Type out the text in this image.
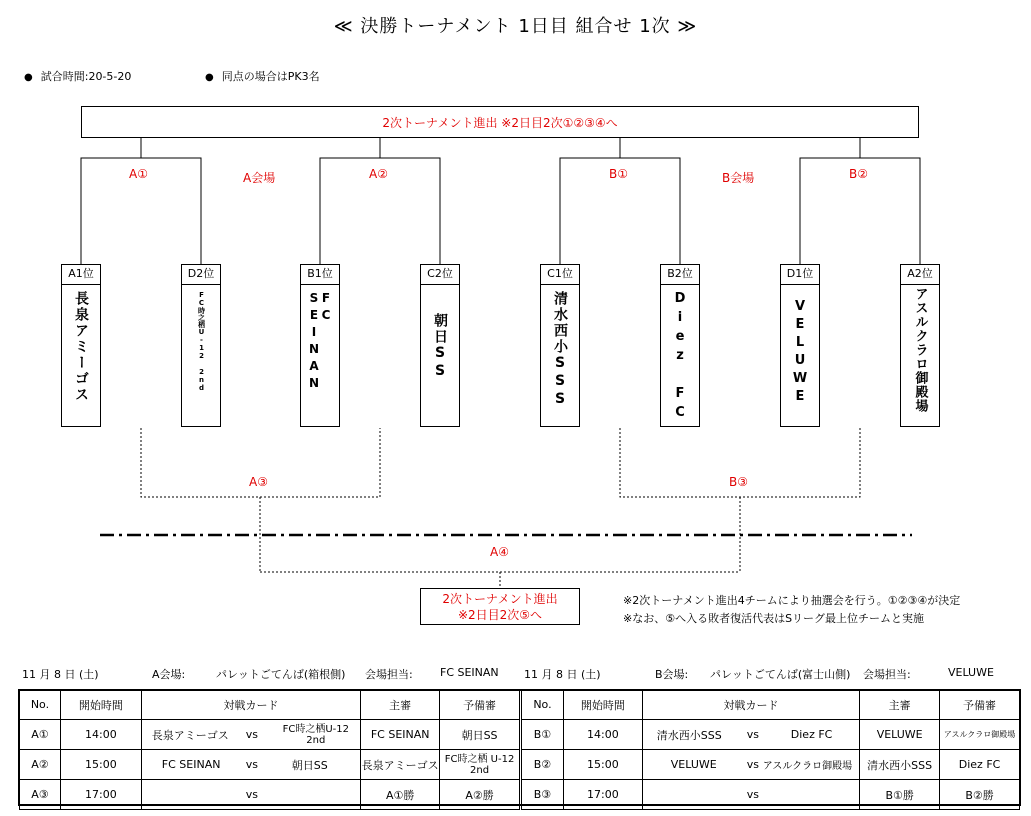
≪ 決勝トーナメント 1日目 組合せ 1次 ≫
● 試合時間:20-5-20	● 同点の場合はPK3名
2次トーナメント進出 ※2日目2次①②③④へ
A①	A会場	A②	B①	B会場	B②
A③	B③
A④
A1位
長泉アミーゴス
D2位
FC時之栖U-12 2nd
B1位
FC SEINAN
C2位
朝日SS
C1位
清水西小SSS
B2位
Diez FC
D1位
VELUWE
A2位
アスルクラロ御殿場
2次トーナメント進出
※2日目2次⑤へ
※2次トーナメント進出4チームにより抽選会を行う。①②③④が決定
※なお、⑤へ入る敗者復活代表はSリーグ最上位チームと実施
11 月 8 日 (土)	A会場:	パレットごてんば(箱根側) 会場担当: FC SEINAN 11 月 8 日 (土)	B会場: パレットごてんば(富士山側) 会場担当:	VELUWE
No.	開始時間	対戦カード	主審	予備審
A①	14:00	長泉アミーゴス vs FC時之栖U-12 2nd	FC SEINAN	朝日SS
A②	15:00	FC SEINAN vs 朝日SS	長泉アミーゴス	FC時之栖 U-12 2nd
A③	17:00	vs	A①勝	A②勝
No.	開始時間	対戦カード	主審	予備審
B①	14:00	清水西小SSS vs Diez FC	VELUWE	アスルクラロ御殿場
B②	15:00	VELUWE vs アスルクラロ御殿場	清水西小SSS	Diez FC
B③	17:00	vs	B①勝	B②勝
